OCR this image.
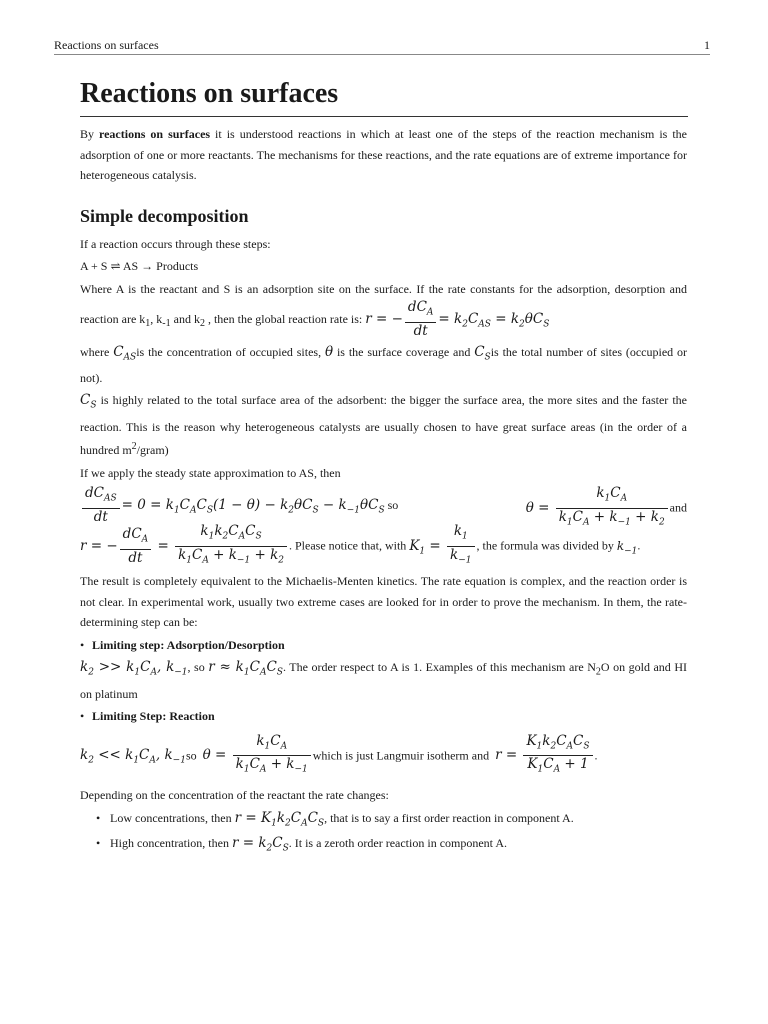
Reactions on surfaces	1
Reactions on surfaces

By reactions on surfaces it is understood reactions in which at least one of the steps of the reaction mechanism is the adsorption of one or more reactants. The mechanisms for these reactions, and the rate equations are of extreme importance for heterogeneous catalysis.

Simple decomposition

If a reaction occurs through these steps:

A + S ⇌ AS → Products

Where A is the reactant and S is an adsorption site on the surface. If the rate constants for the adsorption, desorption and reaction are $k_1$, $k_{-1}$ and $k_2$ , then the global reaction rate is: r = − $\frac{dC_A}{dt} = k_2C_{AS} = k_2\theta C_S$

where $C_{AS}is$ the concentration of occupied sites, θ is the surface coverage and $C_Sis$ the total number of sites (occupied or not).

$C_S$ is highly related to the total surface area of the adsorbent: the bigger the surface area, the more sites and the faster the reaction. This is the reason why heterogeneous catalysts are usually chosen to have great surface areas (in the order of a hundred $m^2/gram$)

If we apply the steady state approximation to AS, then

$\frac{dC_{AS}}{dt} = 0 = k_1C_AC_S(1 - \theta) - k_2\theta C_S - k_{-1}\theta C_S$ so	$\theta = \frac{k_1C_A}{k_1C_A + k_{-1} + k_2}$ and

r = − $\frac{dC_A}{dt} = \frac{k_1k_2C_AC_S}{k_1C_A + k_{-1} + k_2}$ . Please notice that, with $K_1 = \frac{k_1}{k_{-1}}$ , the formula was divided by $k_{-1}$.

The result is completely equivalent to the Michaelis-Menten kinetics. The rate equation is complex, and the reaction order is not clear. In experimental work, usually two extreme cases are looked for in order to prove the mechanism. In them, the rate-determining step can be:

• Limiting step: Adsorption/Desorption

$k_2 >> k_1C_A$, $k_{-1}$, so $r \approx k_1C_AC_S$. The order respect to A is 1. Examples of this mechanism are $N_2O$ on gold and HI on platinum

• Limiting Step: Reaction

$k_2 << k_1C_A$, $k_{-1}so$ $\theta = \frac{k_1C_A}{k_1C_A + k_{-1}}$ which is just Langmuir isotherm and $r = \frac{K_1k_2C_AC_S}{K_1C_A + 1}$ .

Depending on the concentration of the reactant the rate changes:

• Low concentrations, then $r = K_1k_2C_AC_S$, that is to say a first order reaction in component A.
• High concentration, then $r = k_2C_S$. It is a zeroth order reaction in component A.
